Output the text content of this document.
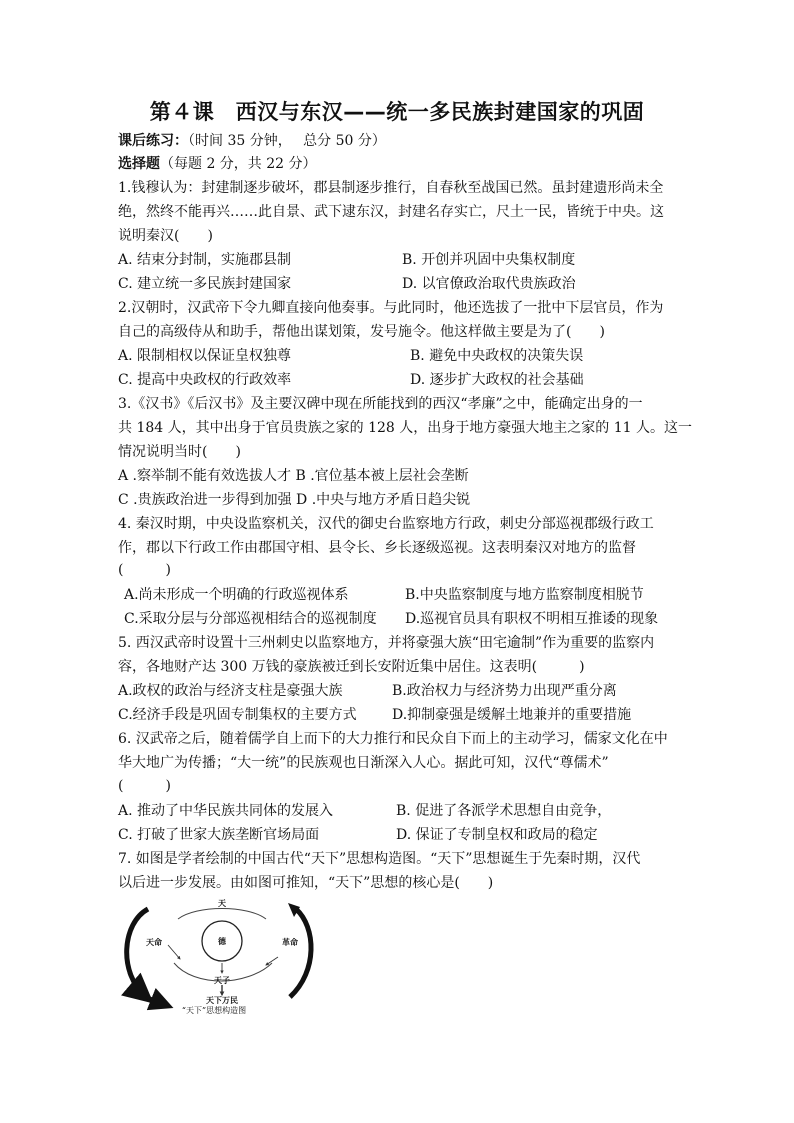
第４课　西汉与东汉——统一多民族封建国家的巩固
课后练习：（时间 35 分钟，　 总分 50 分）
选择题（每题 2 分，共 22 分）
1.钱穆认为：封建制逐步破坏，郡县制逐步推行，自春秋至战国已然。虽封建遗形尚未全
绝，然终不能再兴……此自景、武下逮东汉，封建名存实亡，尺土一民，皆统于中央。这
说明秦汉(　　)
A. 结束分封制，实施郡县制	B. 开创并巩固中央集权制度
C. 建立统一多民族封建国家	D. 以官僚政治取代贵族政治
2.汉朝时，汉武帝下令九卿直接向他奏事。与此同时，他还选拔了一批中下层官员，作为
自己的高级侍从和助手，帮他出谋划策，发号施令。他这样做主要是为了(　　)
A. 限制相权以保证皇权独尊	B. 避免中央政权的决策失误
C. 提高中央政权的行政效率	D. 逐步扩大政权的社会基础
3.《汉书》《后汉书》及主要汉碑中现在所能找到的西汉“孝廉”之中，能确定出身的一
共 184 人，其中出身于官员贵族之家的 128 人，出身于地方豪强大地主之家的 11 人。这一
情况说明当时(　　)
A .察举制不能有效选拔人才 B .官位基本被上层社会垄断
C .贵族政治进一步得到加强 D .中央与地方矛盾日趋尖锐
4. 秦汉时期，中央设监察机关，汉代的御史台监察地方行政，刺史分部巡视郡级行政工
作，郡以下行政工作由郡国守相、县令长、乡长逐级巡视。这表明秦汉对地方的监督
(　　　)
A.尚未形成一个明确的行政巡视体系	B.中央监察制度与地方监察制度相脱节
C.采取分层与分部巡视相结合的巡视制度 D.巡视官员具有职权不明相互推诿的现象
5. 西汉武帝时设置十三州刺史以监察地方，并将豪强大族“田宅逾制”作为重要的监察内
容，各地财产达 300 万钱的豪族被迁到长安附近集中居住。这表明(　　　)
A.政权的政治与经济支柱是豪强大族	B.政治权力与经济势力出现严重分离
C.经济手段是巩固专制集权的主要方式	D.抑制豪强是缓解土地兼并的重要措施
6. 汉武帝之后，随着儒学自上而下的大力推行和民众自下而上的主动学习，儒家文化在中
华大地广为传播；“大一统”的民族观也日渐深入人心。据此可知，汉代“尊儒术”
(　　　)
A. 推动了中华民族共同体的发展入	B. 促进了各派学术思想自由竞争，
C. 打破了世家大族垄断官场局面	D. 保证了专制皇权和政局的稳定
7. 如图是学者绘制的中国古代“天下”思想构造图。“天下”思想诞生于先秦时期，汉代
以后进一步发展。由如图可推知，“天下”思想的核心是(　　)
天
德
天命	革命
天子
天下万民
“天下”思想构造图
